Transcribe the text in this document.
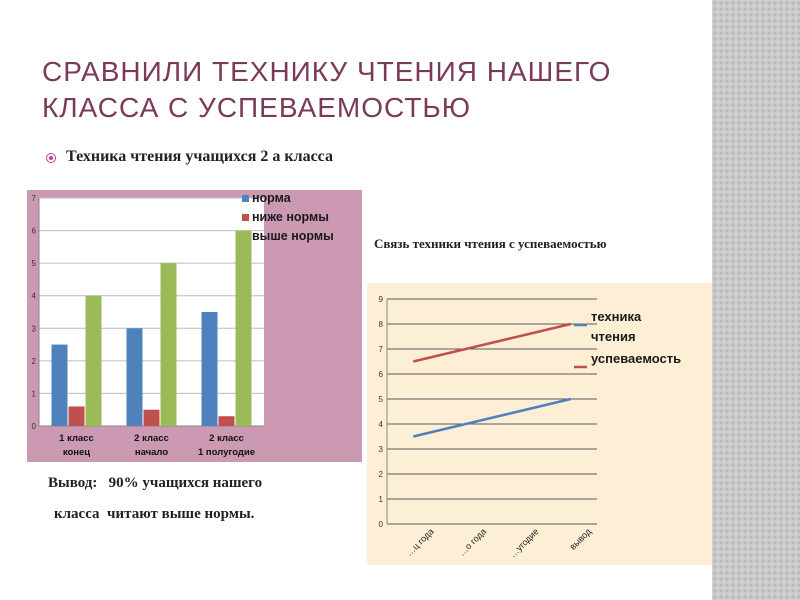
СРАВНИЛИ ТЕХНИКУ ЧТЕНИЯ НАШЕГО КЛАССА С УСПЕВАЕМОСТЬЮ
Техника чтения учащихся 2 а класса
0
1
2
3
4
5
6
7
1 класс
конец
2 класс
начало
2 класс
1 полугодие
норма
ниже нормы
выше нормы	Связь техники чтения с успеваемостью
0
1
2
3
4
5
6
7
8
9
…ц года …о года …угодие	вывод
техника
чтения
успеваемость
Вывод:   90% учащихся нашего
класса  читают выше нормы.
